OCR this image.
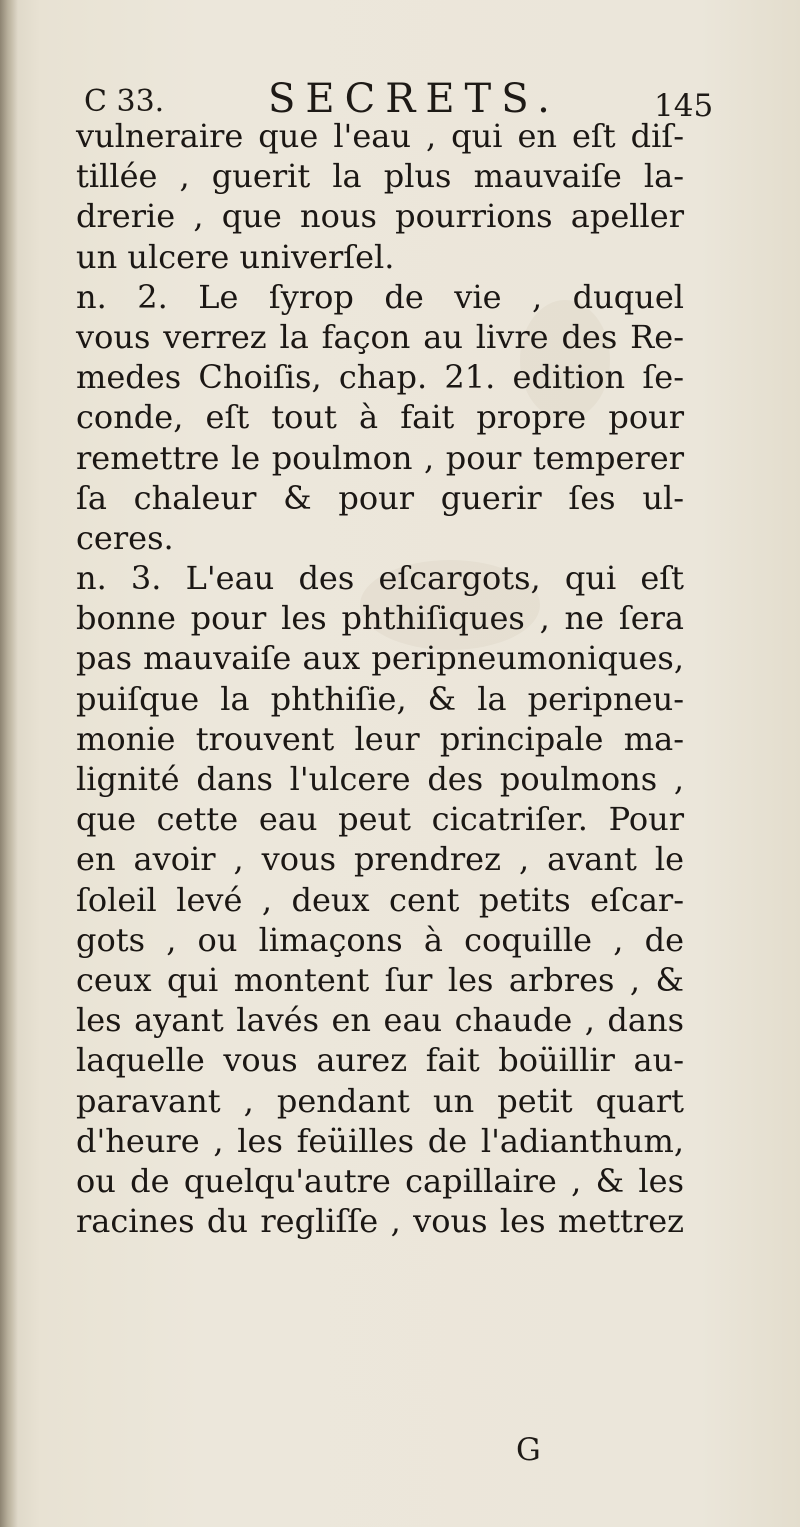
C 33.	SECRETS.	145
vulneraire que l'eau , qui en eſt diſ-
tillée , guerit la plus mauvaiſe la-
drerie , que nous pourrions apeller
un ulcere univerſel.
n. 2. Le ſyrop de vie , duquel
vous verrez la façon au livre des Re-
medes Choiſis, chap. 21. edition ſe-
conde, eſt tout à fait propre pour
remettre le poulmon , pour temperer
ſa chaleur & pour guerir ſes ul-
ceres.
n. 3. L'eau des eſcargots, qui eſt
bonne pour les phthiſiques , ne ſera
pas mauvaiſe aux peripneumoniques,
puiſque la phthiſie, & la peripneu-
monie trouvent leur principale ma-
lignité dans l'ulcere des poulmons ,
que cette eau peut cicatriſer. Pour
en avoir , vous prendrez , avant le
ſoleil levé , deux cent petits eſcar-
gots , ou limaçons à coquille , de
ceux qui montent ſur les arbres , &
les ayant lavés en eau chaude , dans
laquelle vous aurez fait boüillir au-
paravant , pendant un petit quart
d'heure , les feüilles de l'adianthum,
ou de quelqu'autre capillaire , & les
racines du regliſſe , vous les mettrez
G
